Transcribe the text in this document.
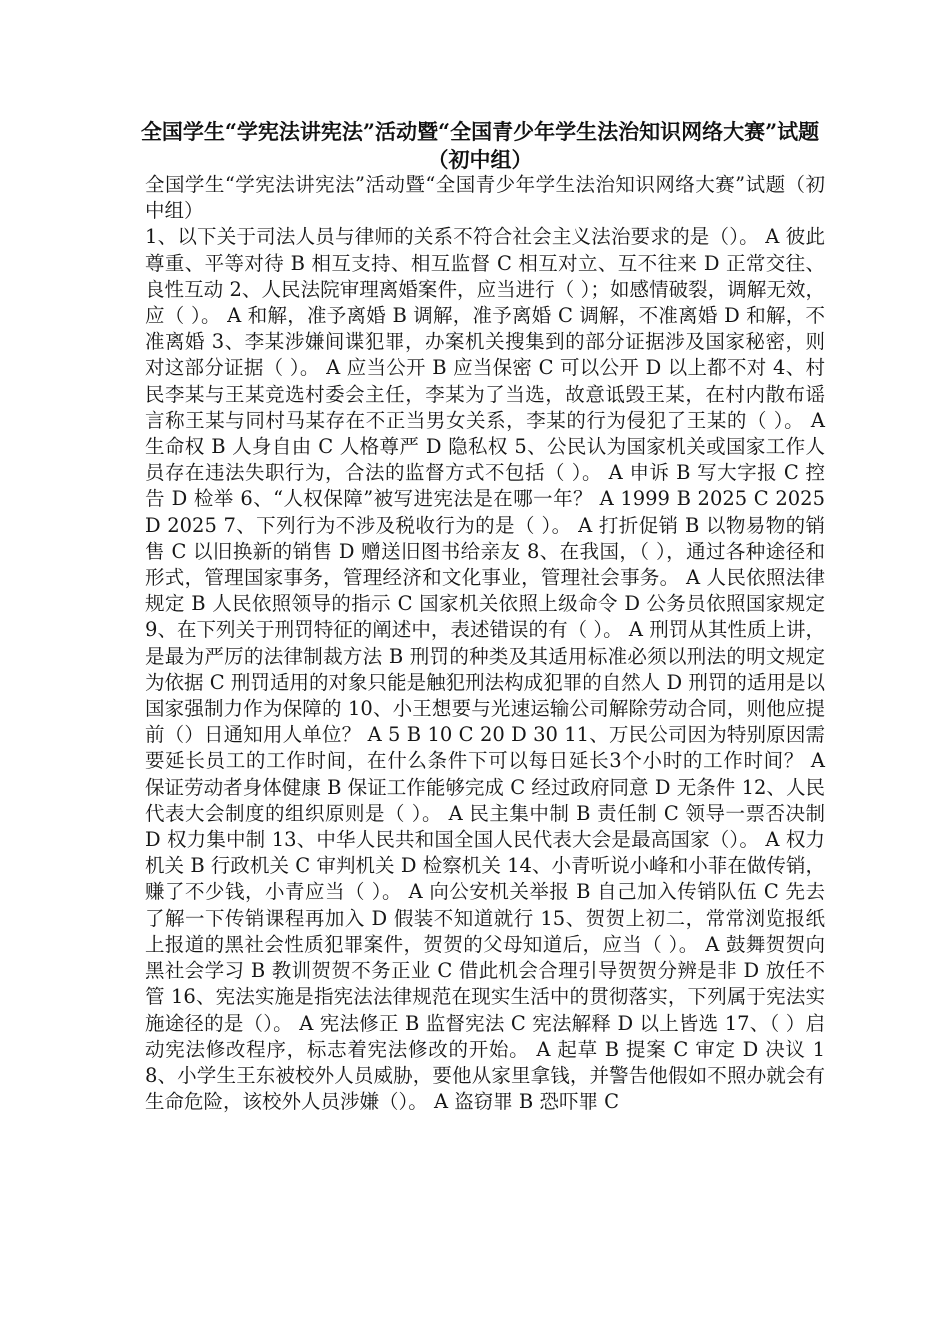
全国学生“学宪法讲宪法”活动暨“全国青少年学生法治知识网络大赛”试题（初中组）

全国学生“学宪法讲宪法”活动暨“全国青少年学生法治知识网络大赛”试题（初中组）

1、以下关于司法人员与律师的关系不符合社会主义法治要求的是（）。 A 彼此尊重、平等对待 B 相互支持、相互监督 C 相互对立、互不往来 D 正常交往、良性互动 2、人民法院审理离婚案件，应当进行（ ）；如感情破裂，调解无效，应（ ）。 A 和解，准予离婚 B 调解，准予离婚 C 调解，不准离婚 D 和解，不准离婚 3、李某涉嫌间谍犯罪，办案机关搜集到的部分证据涉及国家秘密，则对这部分证据（ ）。 A 应当公开 B 应当保密 C 可以公开 D 以上都不对 4、村民李某与王某竞选村委会主任，李某为了当选，故意诋毁王某，在村内散布谣言称王某与同村马某存在不正当男女关系，李某的行为侵犯了王某的（ ）。 A 生命权 B 人身自由 C 人格尊严 D 隐私权 5、公民认为国家机关或国家工作人员存在违法失职行为，合法的监督方式不包括（ ）。 A 申诉 B 写大字报 C 控告 D 检举 6、“人权保障”被写进宪法是在哪一年？ A 1999 B 2025 C 2025 D 2025 7、下列行为不涉及税收行为的是（ ）。 A 打折促销 B 以物易物的销售 C 以旧换新的销售 D 赠送旧图书给亲友 8、在我国，（ ），通过各种途径和形式，管理国家事务，管理经济和文化事业，管理社会事务。 A 人民依照法律规定 B 人民依照领导的指示 C 国家机关依照上级命令 D 公务员依照国家规定 9、在下列关于刑罚特征的阐述中，表述错误的有（ ）。 A 刑罚从其性质上讲，是最为严厉的法律制裁方法 B 刑罚的种类及其适用标准必须以刑法的明文规定为依据 C 刑罚适用的对象只能是触犯刑法构成犯罪的自然人 D 刑罚的适用是以国家强制力作为保障的 10、小王想要与光速运输公司解除劳动合同，则他应提前（）日通知用人单位？ A 5 B 10 C 20 D 30 11、万民公司因为特别原因需要延长员工的工作时间，在什么条件下可以每日延长3个小时的工作时间？ A 保证劳动者身体健康 B 保证工作能够完成 C 经过政府同意 D 无条件 12、人民代表大会制度的组织原则是（ ）。 A 民主集中制 B 责任制 C 领导一票否决制 D 权力集中制 13、中华人民共和国全国人民代表大会是最高国家（）。 A 权力机关 B 行政机关 C 审判机关 D 检察机关 14、小青听说小峰和小菲在做传销，赚了不少钱，小青应当（ ）。 A 向公安机关举报 B 自己加入传销队伍 C 先去了解一下传销课程再加入 D 假装不知道就行 15、贺贺上初二，常常浏览报纸上报道的黑社会性质犯罪案件，贺贺的父母知道后，应当（ ）。 A 鼓舞贺贺向黑社会学习 B 教训贺贺不务正业 C 借此机会合理引导贺贺分辨是非 D 放任不管 16、宪法实施是指宪法法律规范在现实生活中的贯彻落实，下列属于宪法实施途径的是（）。 A 宪法修正 B 监督宪法 C 宪法解释 D 以上皆选 17、（ ）启动宪法修改程序，标志着宪法修改的开始。 A 起草 B 提案 C 审定 D 决议 18、小学生王东被校外人员威胁，要他从家里拿钱，并警告他假如不照办就会有生命危险，该校外人员涉嫌（）。 A 盗窃罪 B 恐吓罪 C
